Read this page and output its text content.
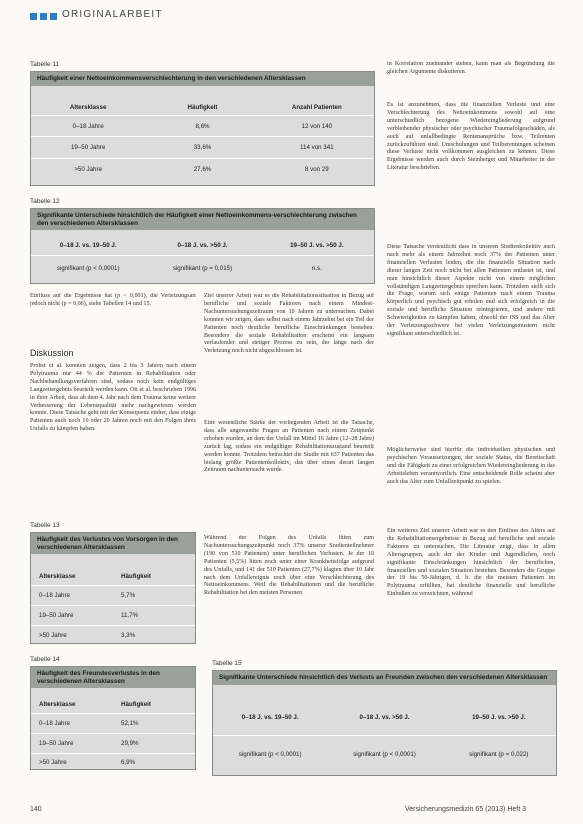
ORIGINALARBEIT
Tabelle 11
Häufigkeit einer Nettoeinkommensverschlechterung in den verschiedenen Altersklassen
Altersklasse	Häufigkeit	Anzahl Patienten
0–18 Jahre	8,6%	12 von 140
19–50 Jahre	33,6%	114 von 341
>50 Jahre	27,6%	8 von 29
Tabelle 12
Signifikante Unterschiede hinsichtlich der Häufigkeit einer Nettoeinkommens-verschlechterung zwischen den verschiedenen Altersklassen
0–18 J. vs. 19–50 J.	0–18 J. vs. >50 J.	19–50 J. vs. >50 J.
signifikant (p < 0,0001)	signifikant (p = 0,015)	n.s.
Einfluss auf die Ergebnisse hat (p < 0,001), die Verletzungsart jedoch nicht (p = 0,06), siehe Tabellen 14 und 15.
Diskussion
Probst et al. konnten zeigen, dass 2 bis 3 Jahren nach einem Polytrauma nur 44 % der Patienten in Rehabilitation oder Nachbehandlungsverfahren sind, sodass noch kein endgültiges Langzeitergebnis beurteilt werden kann. Ott et al. beschrieben 1996 in ihrer Arbeit, dass ab dem 4. Jahr nach dem Trauma keine weitere Verbesserung der Lebensqualität mehr nachgewiesen werden konnte. Diese Tatsache geht mit der Konsequenz einher, dass einige Patienten auch noch 10 oder 20 Jahren noch mit den Folgen ihres Unfalls zu kämpfen haben.
Tabelle 13
Häufigkeit des Verlustes von Vorsorgen in den verschiedenen Altersklassen
Altersklasse	Häufigkeit
0–18 Jahre	5,7%
19–50 Jahre	11,7%
>50 Jahre	3,3%
Tabelle 14
Häufigkeit des Freundesverlustes in den verschiedenen Altersklassen
Altersklasse	Häufigkeit
0–18 Jahre	52,1%
19–50 Jahre	29,9%
>50 Jahre	6,9%
Ziel unserer Arbeit war es die Rehabilitationssituation in Bezug auf berufliche und soziale Faktoren nach einem Mindest-Nachuntersuchungszeitraum von 10 Jahren zu untersuchen. Dabei konnten wir zeigen, dass selbst nach einem Jahrzehnt bei ein Teil der Patienten noch deutliche berufliche Einschränkungen bestehen. Besonders die soziale Rehabilitation erscheint ein langsam verlaufender und stetiger Prozess zu sein, der lange nach der Verletzung noch nicht abgeschlossen ist.
Eine wesentliche Stärke der vorliegenden Arbeit ist die Tatsache, dass alle angewandte Fragen an Patienten nach einem Zeitpunkt erhoben wurden, an dem der Unfall im Mittel 16 Jahre (12–28 Jahre) zurück lag, sodass ein endgültiger Rehabilitationszustand beurteilt werden konnte. Trotzdem betrachtet die Studie mit 637 Patienten das bislang größte Patientenkollektiv, das über einen derart langen Zeitraum nachuntersucht wurde.
Während der Folgen des Unfalls litten zum Nachuntersuchungszeitpunkt noch 37% unserer Studienteilnehmer (190 von 510 Patienten) unter beruflichen Verlusten. Je der 10 Patienten (5,5%) litten noch unter einer Krankheitsfolge aufgrund des Unfalls, und 141 der 510 Patienten (27,7%) klagten über 10 Jahr nach dem Unfallereignis noch über eine Verschlechterung des Nettoeinkommens. Weil die Rehabilitationen und die berufliche Rehabilitation bei den meisten Personen
in Korrelation zueinander stehen, kann man als Begründung die gleichen Argumente diskutieren.
Es ist anzunehmen, dass die finanziellen Verluste und eine Verschlechterung des Nettoeinkommens sowohl auf eine unterschiedlich bezogene Wiedereingliederung aufgrund verbleibender physischer oder psychischer Traumafolgeschäden, als auch auf unfallbedingte Rentenansprüche bzw. Teilrenten zurückzuführen sind. Umschulungen und Teilberentungen scheinen diese Verluste nicht vollkommen ausgleichen zu können. Diese Ergebnisse werden auch durch Steinberger und Mitarbeiter in der Literatur beschrieben.
Diese Tatsache verdeutlicht dass in unseren Studienkollektiv auch nach mehr als einem Jahrzehnt noch 37% der Patienten unter finanziellen Verlusten leiden, die die finanzielle Situation nach dieser langen Zeit noch nicht bei allen Patienten entlastet ist, und man hinsichtlich dieser Aspekte nicht von einem möglichen vollständigen Langzeitergebnis sprechen kann. Trotzdem stellt sich die Frage, warum sich einige Patienten nach einem Trauma körperlich und psychisch gut erholen und sich erfolgreich in die soziale und berufliche Situation reintegrieren, und andere mit Schwierigkeiten zu kämpfen haben, obwohl der ISS und das Alter der Verletzungsschwere bei vielen Verletzungsmustern nicht signifikant unterschiedlich ist.
Möglicherweise sind hierfür die individuellen physischen und psychischen Voraussetzungen, der soziale Status, die Bereitschaft und die Fähigkeit zu einer erfolgreichen Wiedereingliederung in das Arbeitsleben verantwortlich. Eine entscheidende Rolle scheint aber auch das Alter zum Unfallzeitpunkt zu spielen.
Ein weiteres Ziel unserer Arbeit war es den Einfluss des Alters auf die Rehabilitationsergebnisse in Bezug auf berufliche und soziale Faktoren zu untersuchen. Die Literatur zeigt, dass in allen Altersgruppen, auch der der Kinder und Jugendlichen, noch signifikante Einschränkungen hinsichtlich der beruflichen, finanziellen und sozialen Situation bestehen. Besonders die Gruppe der 19 bis 50-Jährigen, d. h. die die meisten Patienten im Polytrauma erfüllten, hat deutliche finanzielle und berufliche Einbußen zu verzeichnen, während
Tabelle 15
Signifikante Unterschiede hinsichtlich des Verlusts an Freunden zwischen den verschiedenen Altersklassen
0–18 J. vs. 19–50 J.	0–18 J. vs. >50 J.	19–50 J. vs. >50 J.
signifikant (p < 0,0001)	signifikant (p < 0,0001)	signifikant (p = 0,022)
140	Versicherungsmedizin 65 (2013) Heft 3
